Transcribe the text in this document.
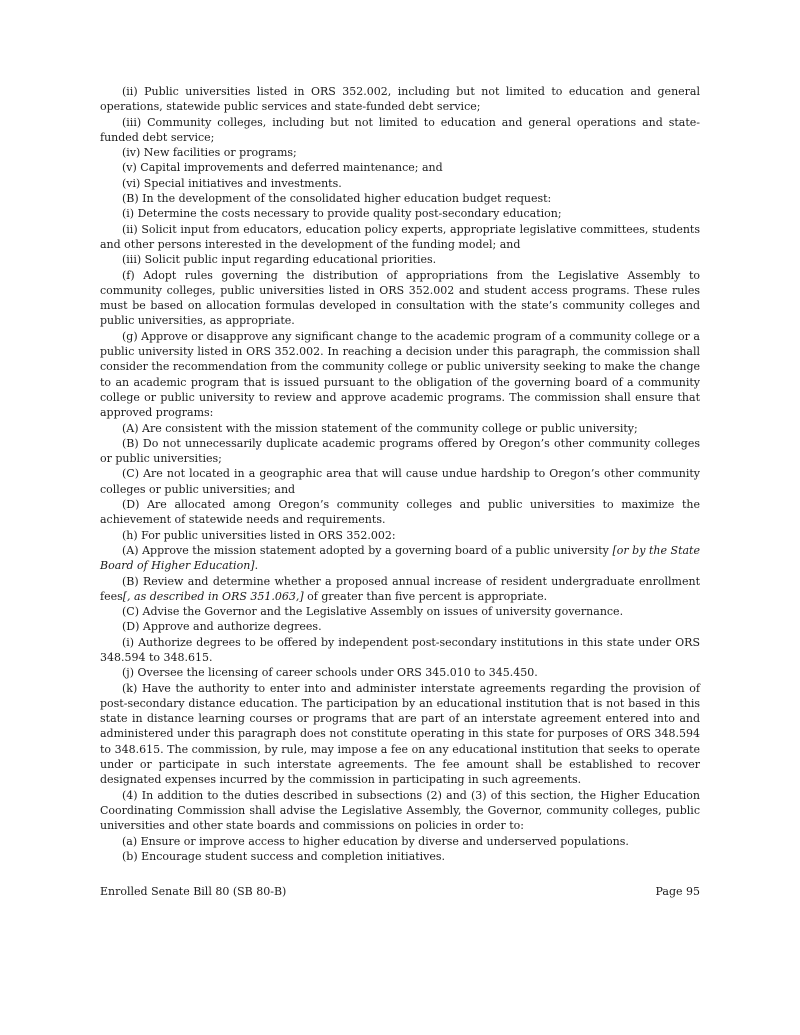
(ii) Public universities listed in ORS 352.002, including but not limited to education and general operations, statewide public services and state-funded debt service;

(iii) Community colleges, including but not limited to education and general operations and state-funded debt service;

(iv) New facilities or programs;

(v) Capital improvements and deferred maintenance; and

(vi) Special initiatives and investments.

(B) In the development of the consolidated higher education budget request:

(i) Determine the costs necessary to provide quality post-secondary education;

(ii) Solicit input from educators, education policy experts, appropriate legislative committees, students and other persons interested in the development of the funding model; and

(iii) Solicit public input regarding educational priorities.

(f) Adopt rules governing the distribution of appropriations from the Legislative Assembly to community colleges, public universities listed in ORS 352.002 and student access programs. These rules must be based on allocation formulas developed in consultation with the state’s community colleges and public universities, as appropriate.

(g) Approve or disapprove any significant change to the academic program of a community college or a public university listed in ORS 352.002. In reaching a decision under this paragraph, the commission shall consider the recommendation from the community college or public university seeking to make the change to an academic program that is issued pursuant to the obligation of the governing board of a community college or public university to review and approve academic programs. The commission shall ensure that approved programs:

(A) Are consistent with the mission statement of the community college or public university;

(B) Do not unnecessarily duplicate academic programs offered by Oregon’s other community colleges or public universities;

(C) Are not located in a geographic area that will cause undue hardship to Oregon’s other community colleges or public universities; and

(D) Are allocated among Oregon’s community colleges and public universities to maximize the achievement of statewide needs and requirements.

(h) For public universities listed in ORS 352.002:

(A) Approve the mission statement adopted by a governing board of a public university [or by the State Board of Higher Education].

(B) Review and determine whether a proposed annual increase of resident undergraduate enrollment fees[, as described in ORS 351.063,] of greater than five percent is appropriate.

(C) Advise the Governor and the Legislative Assembly on issues of university governance.

(D) Approve and authorize degrees.

(i) Authorize degrees to be offered by independent post-secondary institutions in this state under ORS 348.594 to 348.615.

(j) Oversee the licensing of career schools under ORS 345.010 to 345.450.

(k) Have the authority to enter into and administer interstate agreements regarding the provision of post-secondary distance education. The participation by an educational institution that is not based in this state in distance learning courses or programs that are part of an interstate agreement entered into and administered under this paragraph does not constitute operating in this state for purposes of ORS 348.594 to 348.615. The commission, by rule, may impose a fee on any educational institution that seeks to operate under or participate in such interstate agreements. The fee amount shall be established to recover designated expenses incurred by the commission in participating in such agreements.

(4) In addition to the duties described in subsections (2) and (3) of this section, the Higher Education Coordinating Commission shall advise the Legislative Assembly, the Governor, community colleges, public universities and other state boards and commissions on policies in order to:

(a) Ensure or improve access to higher education by diverse and underserved populations.

(b) Encourage student success and completion initiatives.

Enrolled Senate Bill 80 (SB 80-B)	Page 95
